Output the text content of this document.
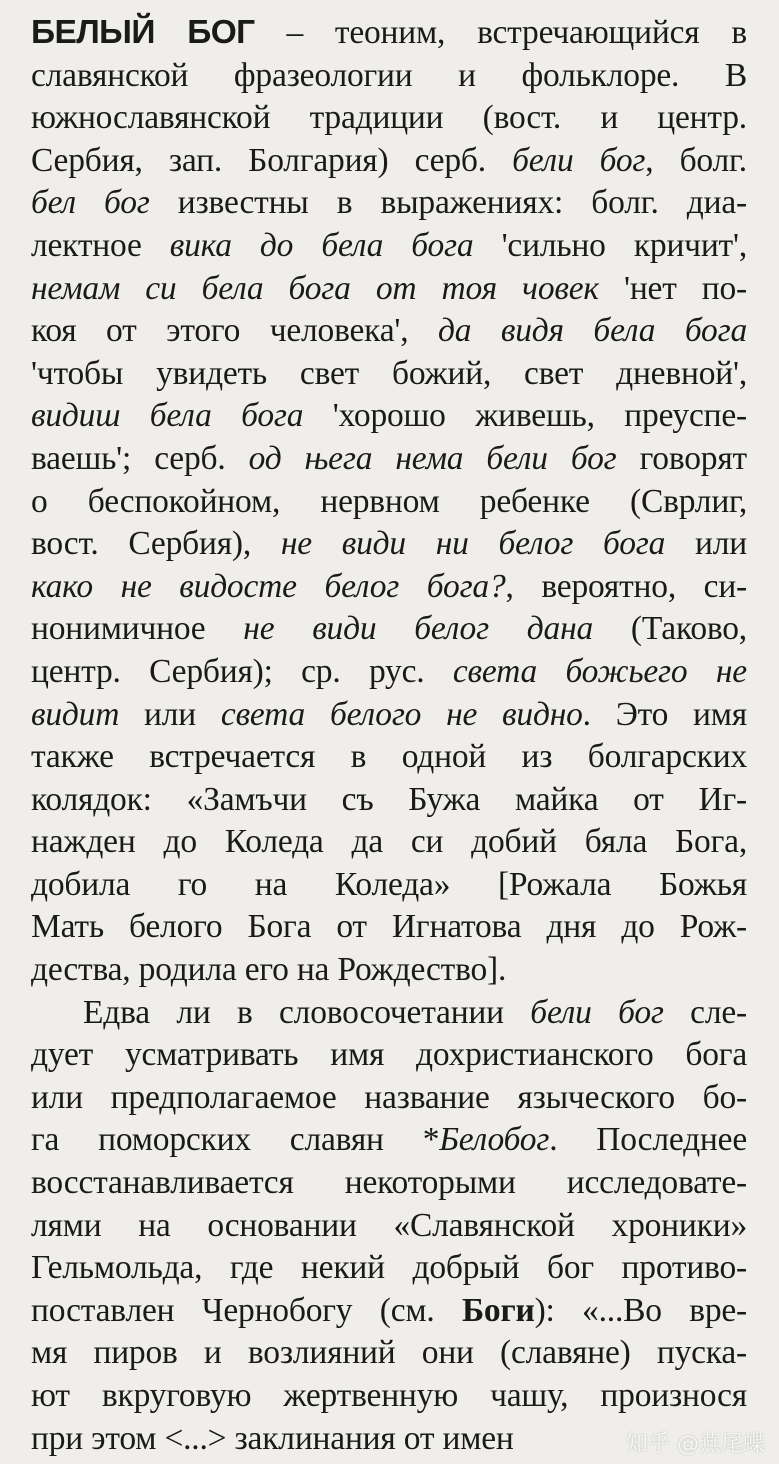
БЕЛЫЙ БОГ – теоним, встречающийся в
славянской фразеологии и фольклоре. В
южнославянской традиции (вост. и центр.
Сербия, зап. Болгария) серб. бели бог, болг.
бел бог известны в выражениях: болг. диа-
лектное вика до бела бога 'сильно кричит',
немам си бела бога от тоя човек 'нет по-
коя от этого человека', да видя бела бога
'чтобы увидеть свет божий, свет дневной',
видиш бела бога 'хорошо живешь, преуспе-
ваешь'; серб. од њега нема бели бог говорят
о беспокойном, нервном ребенке (Сврлиг,
вост. Сербия), не види ни белог бога или
како не видосте белог бога?, вероятно, си-
нонимичное не види белог дана (Таково,
центр. Сербия); ср. рус. света божьего не
видит или света белого не видно. Это имя
также встречается в одной из болгарских
колядок: «Замъчи съ Бужа майка от Иг-
нажден до Коледа да си добий бяла Бога,
добила го на Коледа» [Рожала Божья
Мать белого Бога от Игнатова дня до Рож-
дества, родила его на Рождество].
Едва ли в словосочетании бели бог сле-
дует усматривать имя дохристианского бога
или предполагаемое название языческого бо-
га поморских славян *Белобог. Последнее
восстанавливается некоторыми исследовате-
лями на основании «Славянской хроники»
Гельмольда, где некий добрый бог противо-
поставлен Чернобогу (см. Боги): «...Во вре-
мя пиров и возлияний они (славяне) пуска-
ют вкруговую жертвенную чашу, произнося
при этом <...> заклинания от имен	知乎 @燕尾蝶
